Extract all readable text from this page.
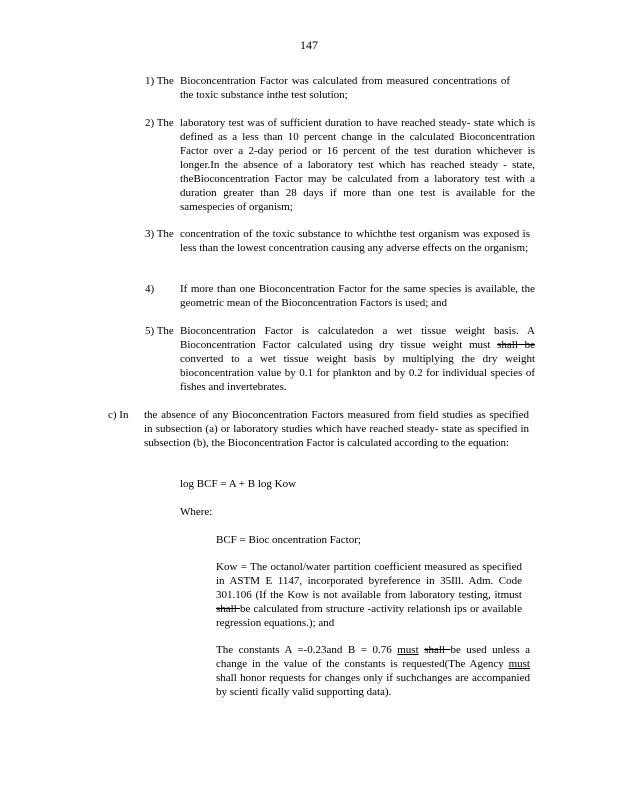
147
1) The Bioconcentration Factor was calculated from measured concentrations of the toxic substance inthe test solution;
2) The laboratory test was of sufficient duration to have reached steady- state which is defined as a less than 10 percent change in the calculated Bioconcentration Factor over a 2-day period or 16 percent of the test duration whichever is longer.In the absence of a laboratory test which has reached steady - state, theBioconcentration Factor may be calculated from a laboratory test with a duration greater than 28 days if more than one test is available for the samespecies of organism;
3) The concentration of the toxic substance to whichthe test organism was exposed is less than the lowest concentration causing any adverse effects on the organism;
4) If more than one Bioconcentration Factor for the same species is available, the geometric mean of the Bioconcentration Factors is used; and
5) The Bioconcentration Factor is calculatedon a wet tissue weight basis. A Bioconcentration Factor calculated using dry tissue weight must shall be converted to a wet tissue weight basis by multiplying the dry weight bioconcentration value by 0.1 for plankton and by 0.2 for individual species of fishes and invertebrates.
c) In the absence of any Bioconcentration Factors measured from field studies as specified in subsection (a) or laboratory studies which have reached steady- state as specified in subsection (b), the Bioconcentration Factor is calculated according to the equation:
log BCF = A + B log Kow
Where:
BCF = Bioc oncentration Factor;
Kow = The octanol/water partition coefficient measured as specified in ASTM E 1147, incorporated byreference in 35Ill. Adm. Code 301.106 (If the Kow is not available from laboratory testing, itmust shall be calculated from structure -activity relationsh ips or available regression equations.); and
The constants A =-0.23and B = 0.76 must shall be used unless a change in the value of the constants is requested(The Agency must shall honor requests for changes only if suchchanges are accompanied by scienti fically valid supporting data).
